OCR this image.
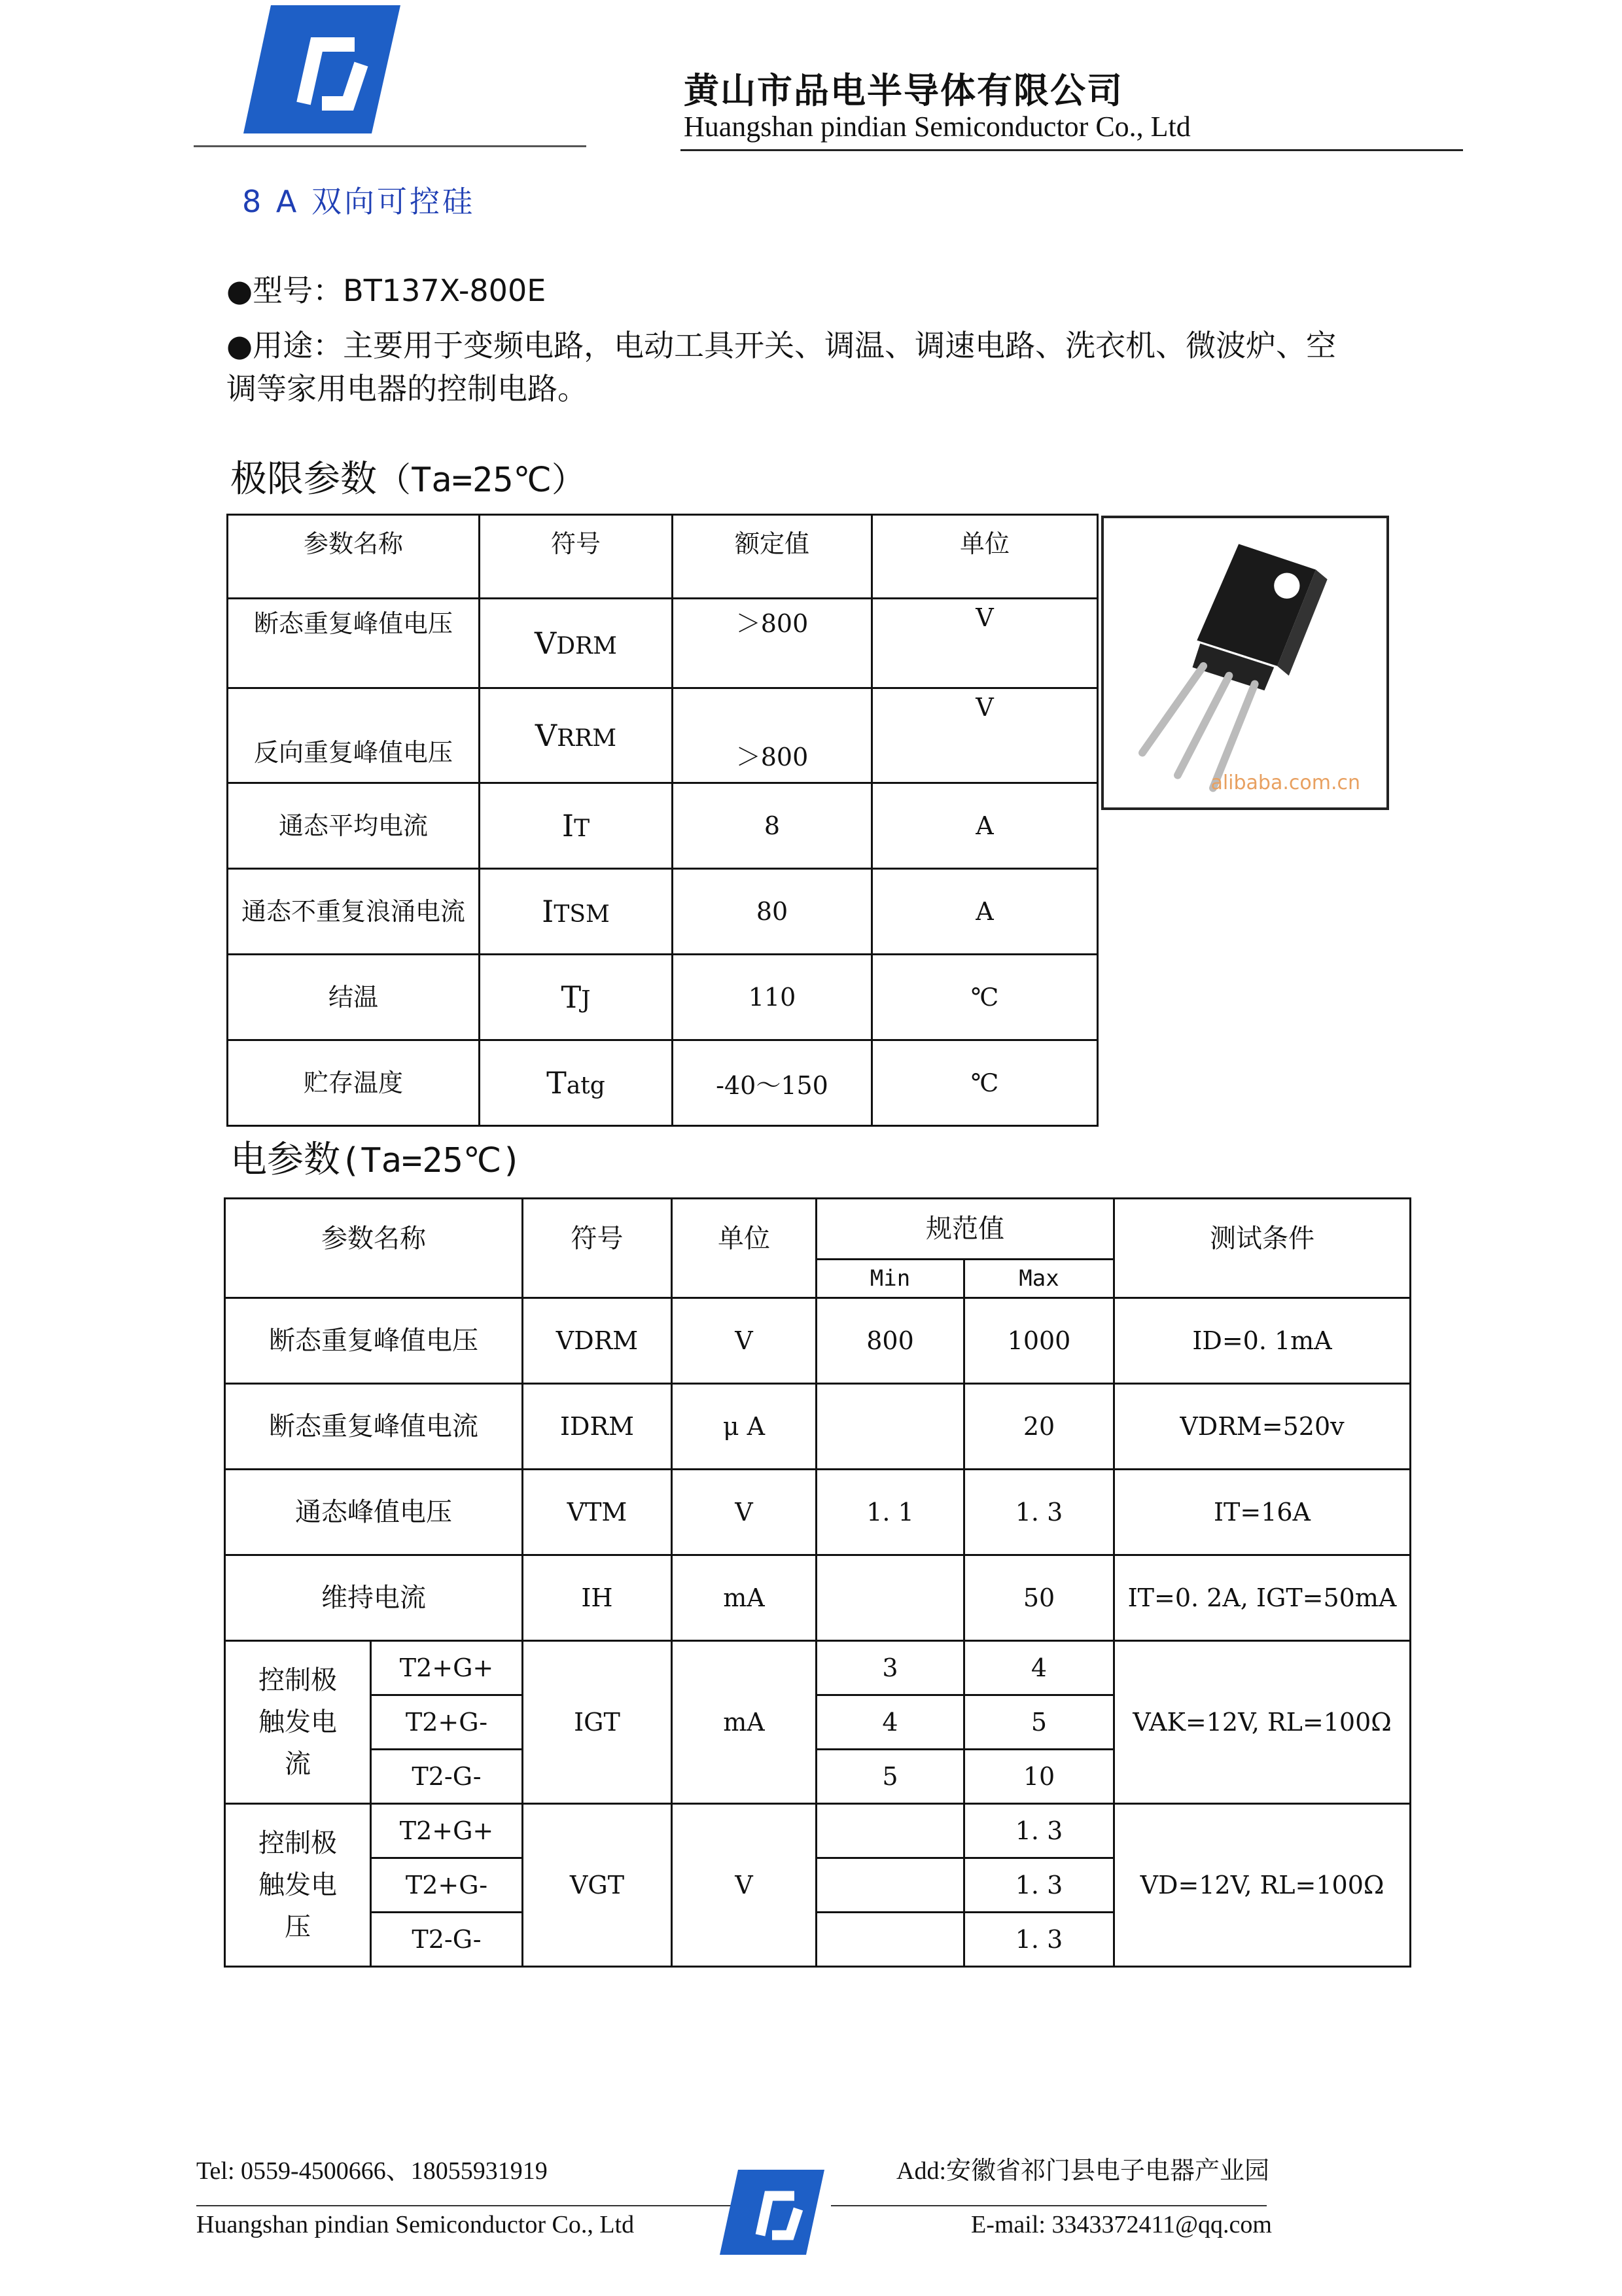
黄山市品电半导体有限公司
Huangshan pindian Semiconductor Co., Ltd
8 A 双向可控硅
●型号：BT137X-800E
●用途：主要用于变频电路，电动工具开关、调温、调速电路、洗衣机、微波炉、空调等家用电器的控制电路。
极限参数（Ta=25℃）
参数名称	符号	额定值	单位
断态重复峰值电压	VDRM	＞800	V
反向重复峰值电压	VRRM	＞800	V
通态平均电流	IT	8	A
通态不重复浪涌电流	ITSM	80	A
结温	TJ	110	℃
贮存温度	Tatg	-40～150	℃
alibaba.com.cn
电参数(Ta=25℃)
参数名称		符号	单位	规范值		测试条件
				Min	Max	
断态重复峰值电压		VDRM	V	800	1000	ID=0. 1mA
断态重复峰值电流		IDRM	μ A		20	VDRM=520v
通态峰值电压		VTM	V	1. 1	1. 3	IT=16A
维持电流		IH	mA		50	IT=0. 2A, IGT=50mA
控制极触发电流	T2+G+	IGT	mA	3	4	VAK=12V, RL=100Ω
	T2+G-			4	5	
	T2-G-			5	10	
控制极触发电压	T2+G+	VGT	V		1. 3	VD=12V, RL=100Ω
	T2+G-				1. 3	
	T2-G-				1. 3	
Tel: 0559-4500666、18055931919	Add:安徽省祁门县电子电器产业园
Huangshan pindian Semiconductor Co., Ltd	E-mail: 3343372411@qq.com
